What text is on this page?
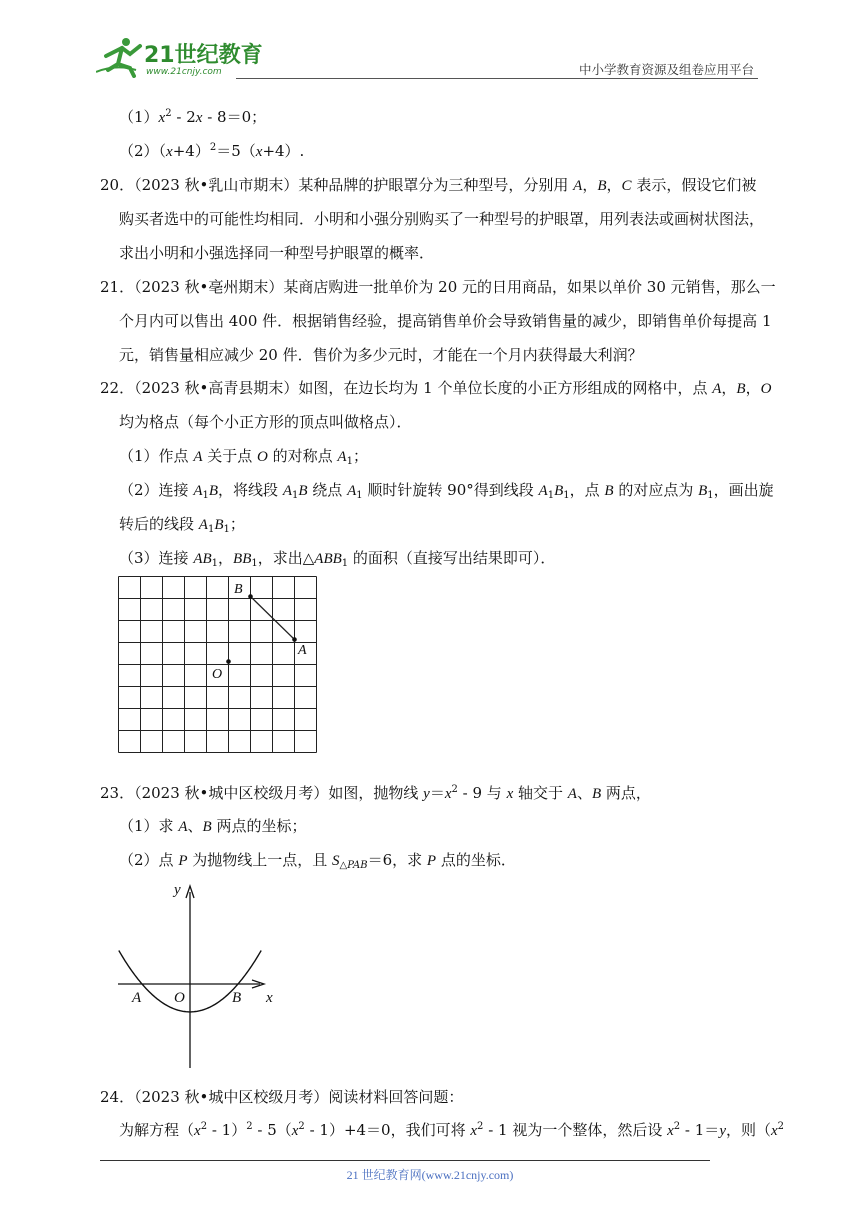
21世纪教育
www.21cnjy.com	中小学教育资源及组卷应用平台
$(1)x^2 - 2x - 8=0$；
$(2)(x+4)^2=5(x+4)$.
20．（2023 秋•乳山市期末）某种品牌的护眼罩分为三种型号，分别用 A，B，C 表示，假设它们被
购买者选中的可能性均相同．小明和小强分别购买了一种型号的护眼罩，用列表法或画树状图法，
求出小明和小强选择同一种型号护眼罩的概率．
21．（2023 秋•亳州期末）某商店购进一批单价为 20 元的日用商品，如果以单价 30 元销售，那么一
个月内可以售出 400 件．根据销售经验，提高销售单价会导致销售量的减少，即销售单价每提高 1
元，销售量相应减少 20 件．售价为多少元时，才能在一个月内获得最大利润？
22．（2023 秋•高青县期末）如图，在边长均为 1 个单位长度的小正方形组成的网格中，点 A，B，O
均为格点（每个小正方形的顶点叫做格点）．
（1）作点 A 关于点 O 的对称点 $A_1$；
（2）连接 $A_1B$，将线段 $A_1B$ 绕点 $A_1$ 顺时针旋转 90°得到线段 $A_1B_1$，点 B 的对应点为 $B_1$，画出旋
转后的线段 $A_1B_1$；
（3）连接 $AB_1$，$BB_1$，求出$\triangle ABB_1$ 的面积（直接写出结果即可）．
B
A
O
23．（2023 秋•城中区校级月考）如图，抛物线 $y=x^2 - 9$ 与 x 轴交于 A、B 两点，
（1）求 A、B 两点的坐标；
（2）点 P 为抛物线上一点，且 $S_{\triangle PAB}=6$，求 P 点的坐标．
y
x
A O	B
24．（2023 秋•城中区校级月考）阅读材料回答问题：
为解方程$(x^2 - 1)^2 - 5(x^2 - 1)+4=0$，我们可将 $x^2 - 1$ 视为一个整体，然后设 $x^2 - 1=y$，则（$x^2$
21 世纪教育网(www.21cnjy.com)
